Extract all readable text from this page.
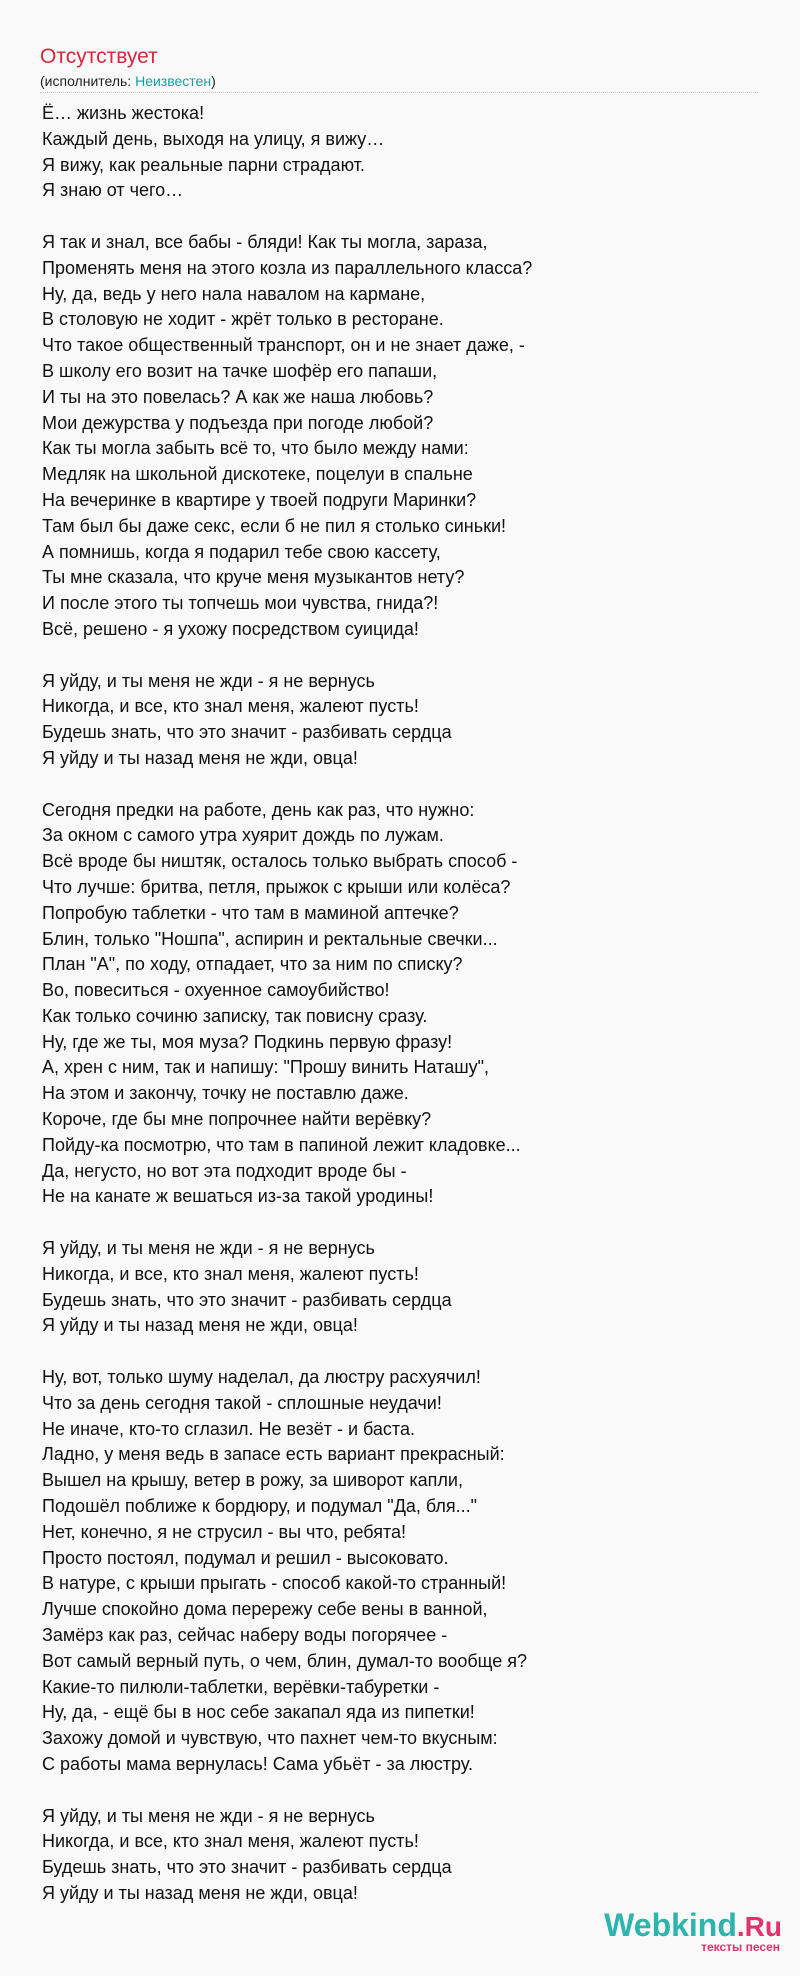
Отсутствует
(исполнитель: Неизвестен)
Ё… жизнь жестока!
Каждый день, выходя на улицу, я вижу…
Я вижу, как реальные парни страдают.
Я знаю от чего…
Я так и знал, все бабы - бляди! Как ты могла, зараза,
Променять меня на этого козла из параллельного класса?
Ну, да, ведь у него нала навалом на кармане,
В столовую не ходит - жрёт только в ресторане.
Что такое общественный транспорт, он и не знает даже, -
В школу его возит на тачке шофёр его папаши,
И ты на это повелась? А как же наша любовь?
Мои дежурства у подъезда при погоде любой?
Как ты могла забыть всё то, что было между нами:
Медляк на школьной дискотеке, поцелуи в спальне
На вечеринке в квартире у твоей подруги Маринки?
Там был бы даже секс, если б не пил я столько синьки!
А помнишь, когда я подарил тебе свою кассету,
Ты мне сказала, что круче меня музыкантов нету?
И после этого ты топчешь мои чувства, гнида?!
Всё, решено - я ухожу посредством суицида!
Я уйду, и ты меня не жди - я не вернусь
Никогда, и все, кто знал меня, жалеют пусть!
Будешь знать, что это значит - разбивать сердца
Я уйду и ты назад меня не жди, овца!
Сегодня предки на работе, день как раз, что нужно:
За окном с самого утра хуярит дождь по лужам.
Всё вроде бы ништяк, осталось только выбрать способ -
Что лучше: бритва, петля, прыжок с крыши или колёса?
Попробую таблетки - что там в маминой аптечке?
Блин, только "Ношпа", аспирин и ректальные свечки...
План "А", по ходу, отпадает, что за ним по списку?
Во, повеситься - охуенное самоубийство!
Как только сочиню записку, так повисну сразу.
Ну, где же ты, моя муза? Подкинь первую фразу!
А, хрен с ним, так и напишу: "Прошу винить Наташу",
На этом и закончу, точку не поставлю даже.
Короче, где бы мне попрочнее найти верёвку?
Пойду-ка посмотрю, что там в папиной лежит кладовке...
Да, негусто, но вот эта подходит вроде бы -
Не на канате ж вешаться из-за такой уродины!
Я уйду, и ты меня не жди - я не вернусь
Никогда, и все, кто знал меня, жалеют пусть!
Будешь знать, что это значит - разбивать сердца
Я уйду и ты назад меня не жди, овца!
Ну, вот, только шуму наделал, да люстру расхуячил!
Что за день сегодня такой - сплошные неудачи!
Не иначе, кто-то сглазил. Не везёт - и баста.
Ладно, у меня ведь в запасе есть вариант прекрасный:
Вышел на крышу, ветер в рожу, за шиворот капли,
Подошёл поближе к бордюру, и подумал "Да, бля..."
Нет, конечно, я не струсил - вы что, ребята!
Просто постоял, подумал и решил - высоковато.
В натуре, с крыши прыгать - способ какой-то странный!
Лучше спокойно дома перережу себе вены в ванной,
Замёрз как раз, сейчас наберу воды погорячее -
Вот самый верный путь, о чем, блин, думал-то вообще я?
Какие-то пилюли-таблетки, верёвки-табуретки -
Ну, да, - ещё бы в нос себе закапал яда из пипетки!
Захожу домой и чувствую, что пахнет чем-то вкусным:
С работы мама вернулась! Сама убьёт - за люстру.
Я уйду, и ты меня не жди - я не вернусь
Никогда, и все, кто знал меня, жалеют пусть!
Будешь знать, что это значит - разбивать сердца
Я уйду и ты назад меня не жди, овца!
Webkind.Ru
тексты песен
